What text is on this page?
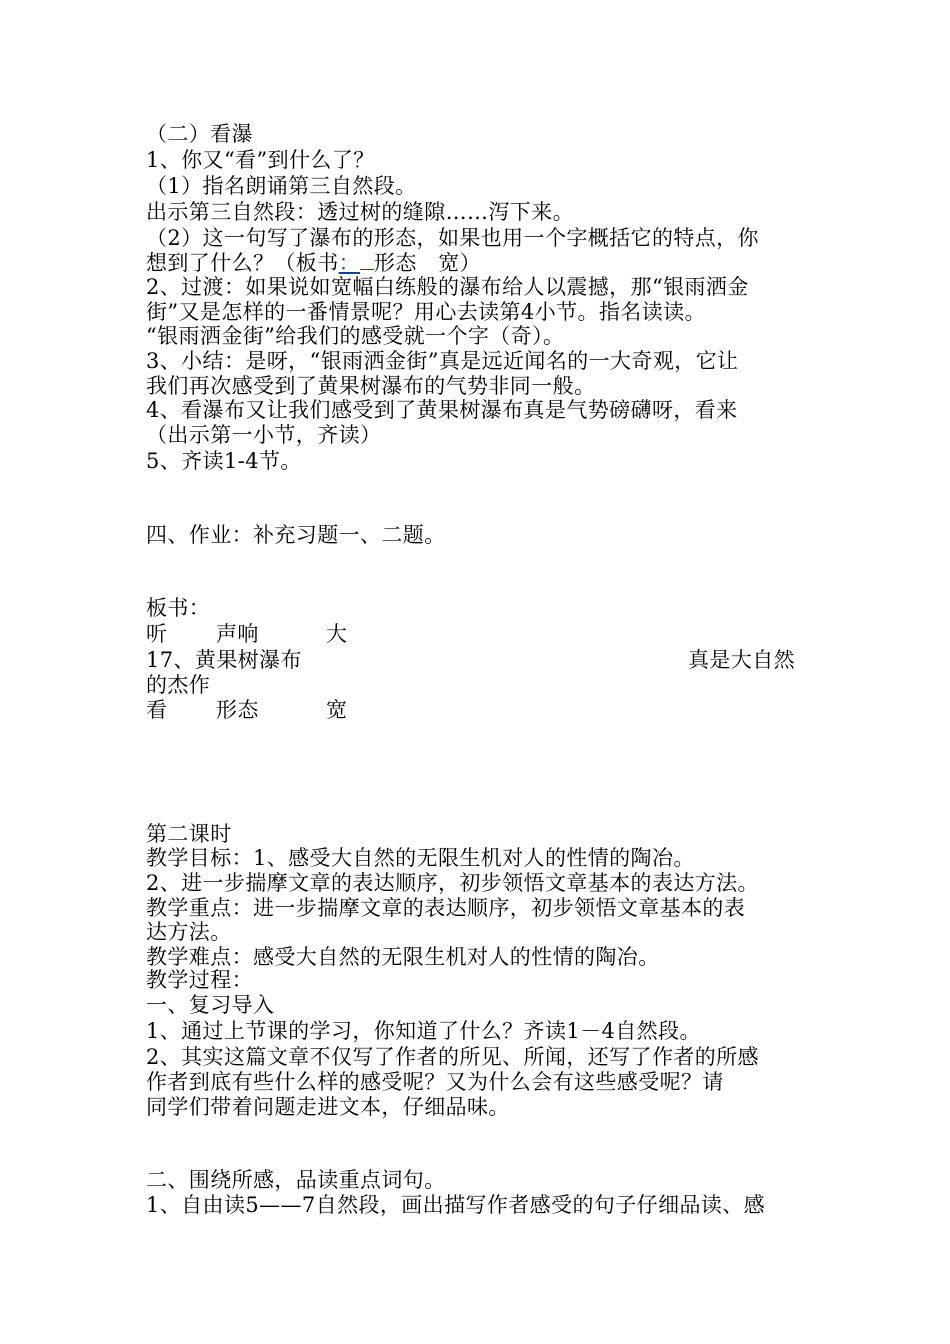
（二）看瀑
1、你又“看”到什么了？
（1）指名朗诵第三自然段。
出示第三自然段：透过树的缝隙……泻下来。
（2）这一句写了瀑布的形态，如果也用一个字概括它的特点，你
想到了什么？（板书： 形态　宽）
2、过渡：如果说如宽幅白练般的瀑布给人以震撼，那“银雨洒金
街”又是怎样的一番情景呢？用心去读第4小节。指名读读。
“银雨洒金街”给我们的感受就一个字（奇）。
3、小结：是呀，“银雨洒金街”真是远近闻名的一大奇观，它让
我们再次感受到了黄果树瀑布的气势非同一般。
4、看瀑布又让我们感受到了黄果树瀑布真是气势磅礴呀，看来
（出示第一小节，齐读）
5、齐读1-4节。
四、作业：补充习题一、二题。
板书：
听 声响	大
17、黄果树瀑布	真是大自然
的杰作
看 形态	宽
第二课时
教学目标：1、感受大自然的无限生机对人的性情的陶冶。
2、进一步揣摩文章的表达顺序，初步领悟文章基本的表达方法。
教学重点：进一步揣摩文章的表达顺序，初步领悟文章基本的表
达方法。
教学难点：感受大自然的无限生机对人的性情的陶冶。
教学过程：
一、复习导入
1、通过上节课的学习，你知道了什么？齐读1－4自然段。
2、其实这篇文章不仅写了作者的所见、所闻，还写了作者的所感
作者到底有些什么样的感受呢？又为什么会有这些感受呢？请
同学们带着问题走进文本，仔细品味。
二、围绕所感，品读重点词句。
1、自由读5——7自然段，画出描写作者感受的句子仔细品读、感
